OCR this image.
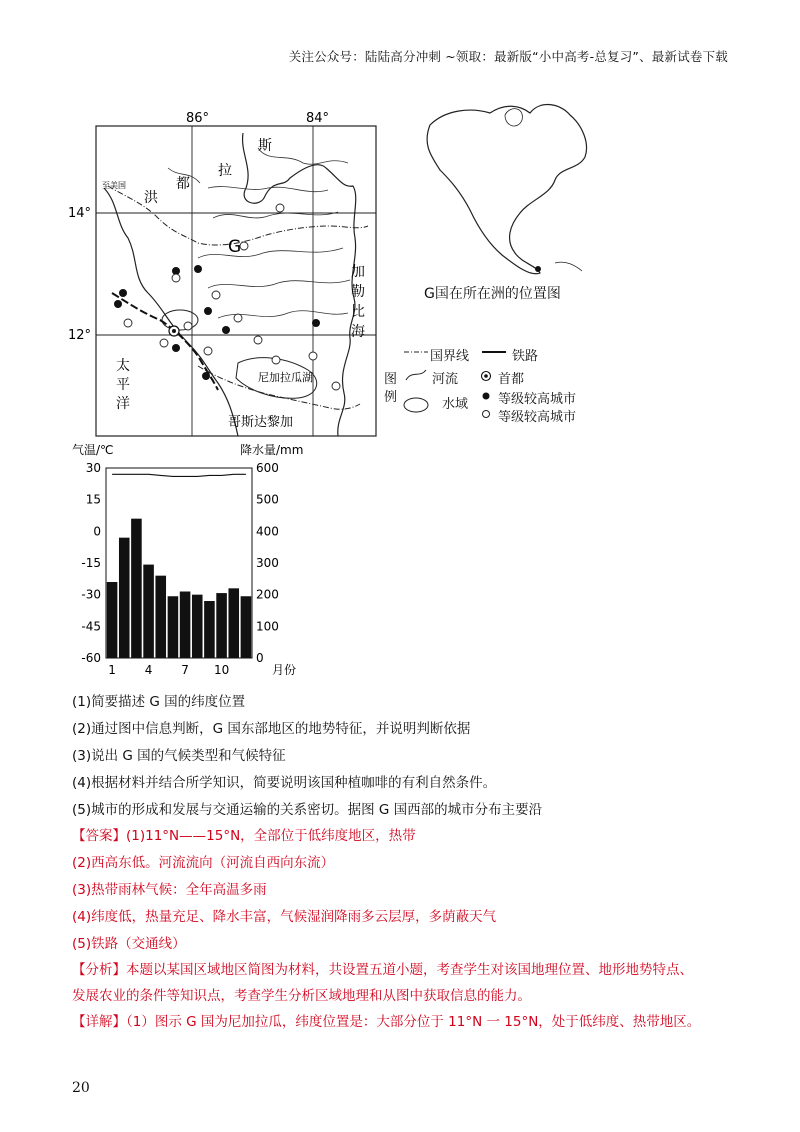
关注公众号：陆陆高分冲刺 ~领取：最新版“小中高考-总复习”、最新试卷下载
86°	84°
14°
12°
G
斯
拉
都
洪
至美国
加
勒
比
海
太
平
洋
尼加拉瓜湖
哥斯达黎加
G国在所在洲的位置图
图
例
国界线	铁路
河流	首都
水域 等级较高城市
等级较高城市
气温/℃	降水量/mm
30
15
0
-15
-30
-45
-60
600
500
400
300
200
100
0
1 4 7 10	月份
(1)简要描述 G 国的纬度位置
(2)通过图中信息判断，G 国东部地区的地势特征，并说明判断依据
(3)说出 G 国的气候类型和气候特征
(4)根据材料并结合所学知识，简要说明该国种植咖啡的有利自然条件。
(5)城市的形成和发展与交通运输的关系密切。据图 G 国西部的城市分布主要沿
【答案】(1)11°N——15°N，全部位于低纬度地区，热带
(2)西高东低。河流流向（河流自西向东流）
(3)热带雨林气候：全年高温多雨
(4)纬度低，热量充足、降水丰富，气候湿润降雨多云层厚，多荫蔽天气
(5)铁路（交通线）
【分析】本题以某国区域地区简图为材料，共设置五道小题，考查学生对该国地理位置、地形地势特点、
发展农业的条件等知识点，考查学生分析区域地理和从图中获取信息的能力。
【详解】（1）图示 G 国为尼加拉瓜，纬度位置是：大部分位于 11°N 一 15°N，处于低纬度、热带地区。
20
